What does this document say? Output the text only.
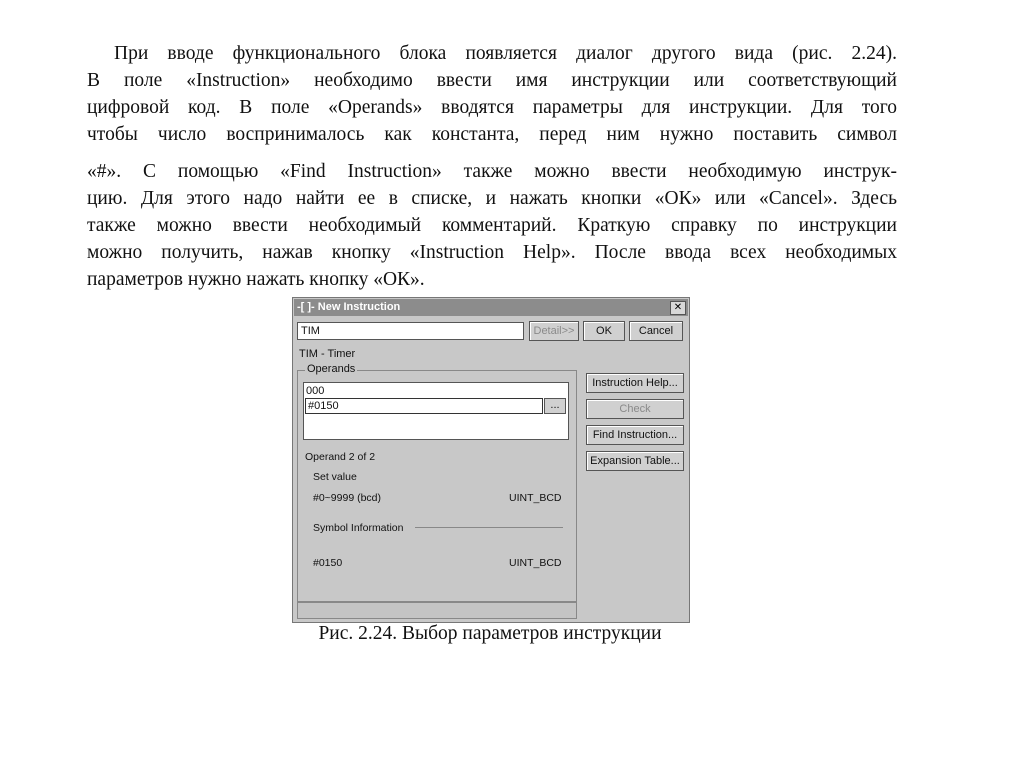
При вводе функционального блока появляется диалог другого вида (рис. 2.24).
В поле «Instruction» необходимо ввести имя инструкции или соответствующий
цифровой код. В поле «Operands» вводятся параметры для инструкции. Для того
чтобы число воспринималось как константа, перед ним нужно поставить символ
«#». С помощью «Find Instruction» также можно ввести необходимую инструк-
цию. Для этого надо найти ее в списке, и нажать кнопки «ОК» или «Cancel». Здесь
также можно ввести необходимый комментарий. Краткую справку по инструкции
можно получить, нажав кнопку «Instruction Help». После ввода всех необходимых
параметров нужно нажать кнопку «ОК».
-[ ]- New Instruction	✕
TIM	Detail>>	OK	Cancel
TIM - Timer
Operands
000
#0150	...
Instruction Help...
Check
Find Instruction...
Expansion Table...
Operand 2 of 2
Set value
#0~9999 (bcd)	UINT_BCD
Symbol Information
#0150	UINT_BCD
Рис. 2.24. Выбор параметров инструкции
